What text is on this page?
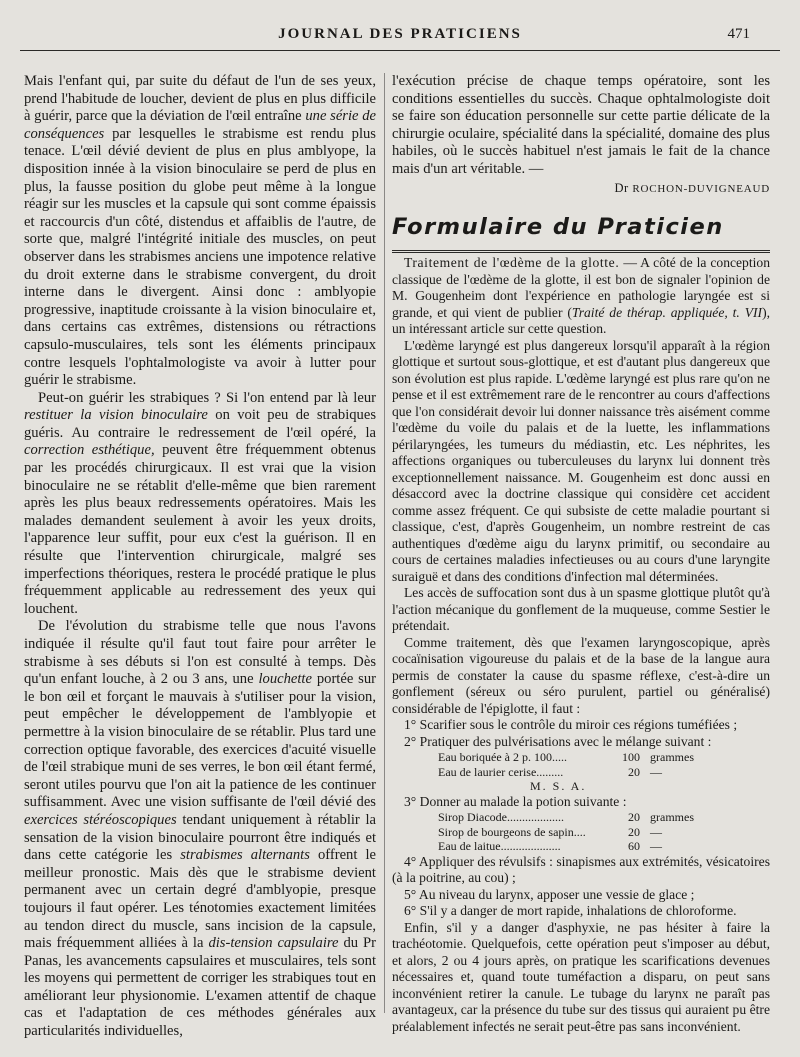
JOURNAL DES PRATICIENS	471

Mais l'enfant qui, par suite du défaut de l'un de ses yeux, prend l'habitude de loucher, devient de plus en plus difficile à guérir, parce que la déviation de l'œil entraîne une série de conséquences par lesquelles le strabisme est rendu plus tenace. L'œil dévié devient de plus en plus amblyope, la disposition innée à la vision binoculaire se perd de plus en plus, la fausse position du globe peut même à la longue réagir sur les muscles et la capsule qui sont comme épaissis et raccourcis d'un côté, distendus et affaiblis de l'autre, de sorte que, malgré l'intégrité initiale des muscles, on peut observer dans les strabismes anciens une impotence relative du droit externe dans le strabisme convergent, du droit interne dans le divergent. Ainsi donc : amblyopie progressive, inaptitude croissante à la vision binoculaire et, dans certains cas extrêmes, distensions ou rétractions capsulo-musculaires, tels sont les éléments principaux contre lesquels l'ophtalmologiste va avoir à lutter pour guérir le strabisme.

Peut-on guérir les strabiques ? Si l'on entend par là leur restituer la vision binoculaire on voit peu de strabiques guéris. Au contraire le redressement de l'œil opéré, la correction esthétique, peuvent être fréquemment obtenus par les procédés chirurgicaux. Il est vrai que la vision binoculaire ne se rétablit d'elle-même que bien rarement après les plus beaux redressements opératoires. Mais les malades demandent seulement à avoir les yeux droits, l'apparence leur suffit, pour eux c'est la guérison. Il en résulte que l'intervention chirurgicale, malgré ses imperfections théoriques, restera le procédé pratique le plus fréquemment applicable au redressement des yeux qui louchent.

De l'évolution du strabisme telle que nous l'avons indiquée il résulte qu'il faut tout faire pour arrêter le strabisme à ses débuts si l'on est consulté à temps. Dès qu'un enfant louche, à 2 ou 3 ans, une louchette portée sur le bon œil et forçant le mauvais à s'utiliser pour la vision, peut empêcher le développement de l'amblyopie et permettre à la vision binoculaire de se rétablir. Plus tard une correction optique favorable, des exercices d'acuité visuelle de l'œil strabique muni de ses verres, le bon œil étant fermé, seront utiles pourvu que l'on ait la patience de les continuer suffisamment. Avec une vision suffisante de l'œil dévié des exercices stéréoscopiques tendant uniquement à rétablir la sensation de la vision binoculaire pourront être indiqués et dans cette catégorie les strabismes alternants offrent le meilleur pronostic. Mais dès que le strabisme devient permanent avec un certain degré d'amblyopie, presque toujours il faut opérer. Les ténotomies exactement limitées au tendon direct du muscle, sans incision de la capsule, mais fréquemment alliées à la dis-tension capsulaire du Pr Panas, les avancements capsulaires et musculaires, tels sont les moyens qui permettent de corriger les strabiques tout en améliorant leur physionomie. L'examen attentif de chaque cas et l'adaptation de ces méthodes générales aux particularités individuelles,

l'exécution précise de chaque temps opératoire, sont les conditions essentielles du succès. Chaque ophtalmologiste doit se faire son éducation personnelle sur cette partie délicate de la chirurgie oculaire, spécialité dans la spécialité, domaine des plus habiles, où le succès habituel n'est jamais le fait de la chance mais d'un art véritable. —

Dr ROCHON-DUVIGNEAUD
Formulaire du Praticien

Traitement de l'œdème de la glotte. — A côté de la conception classique de l'œdème de la glotte, il est bon de signaler l'opinion de M. Gougenheim dont l'expérience en pathologie laryngée est si grande, et qui vient de publier (Traité de thérap. appliquée, t. VII), un intéressant article sur cette question.

L'œdème laryngé est plus dangereux lorsqu'il apparaît à la région glottique et surtout sous-glottique, et est d'autant plus dangereux que son évolution est plus rapide. L'œdème laryngé est plus rare qu'on ne pense et il est extrêmement rare de le rencontrer au cours d'affections que l'on considérait devoir lui donner naissance très aisément comme l'œdème du voile du palais et de la luette, les inflammations périlaryngées, les tumeurs du médiastin, etc. Les néphrites, les affections organiques ou tuberculeuses du larynx lui donnent très exceptionnellement naissance. M. Gougenheim est donc aussi en désaccord avec la doctrine classique qui considère cet accident comme assez fréquent. Ce qui subsiste de cette maladie pourtant si classique, c'est, d'après Gougenheim, un nombre restreint de cas authentiques d'œdème aigu du larynx primitif, ou secondaire au cours de certaines maladies infectieuses ou au cours d'une laryngite suraiguë et dans des conditions d'infection mal déterminées.

Les accès de suffocation sont dus à un spasme glottique plutôt qu'à l'action mécanique du gonflement de la muqueuse, comme Sestier le prétendait.

Comme traitement, dès que l'examen laryngoscopique, après cocaïnisation vigoureuse du palais et de la base de la langue aura permis de constater la cause du spasme réflexe, c'est-à-dire un gonflement (séreux ou séro purulent, partiel ou généralisé) considérable de l'épiglotte, il faut :

1° Scarifier sous le contrôle du miroir ces régions tuméfiées ;

2° Pratiquer des pulvérisations avec le mélange suivant :

Eau boriquée à 2 p. 100.....	100 grammes
Eau de laurier cerise.........	20 —
M. S. A.

3° Donner au malade la potion suivante :

Sirop Diacode...................	20 grammes
Sirop de bourgeons de sapin....	20 —
Eau de laitue....................	60 —

4° Appliquer des révulsifs : sinapismes aux extrémités, vésicatoires (à la poitrine, au cou) ;

5° Au niveau du larynx, apposer une vessie de glace ;

6° S'il y a danger de mort rapide, inhalations de chloroforme.

Enfin, s'il y a danger d'asphyxie, ne pas hésiter à faire la trachéotomie. Quelquefois, cette opération peut s'imposer au début, et alors, 2 ou 4 jours après, on pratique les scarifications devenues nécessaires et, quand toute tuméfaction a disparu, on peut sans inconvénient retirer la canule. Le tubage du larynx ne paraît pas avantageux, car la présence du tube sur des tissus qui auraient pu être préalablement infectés ne serait peut-être pas sans inconvénient.
